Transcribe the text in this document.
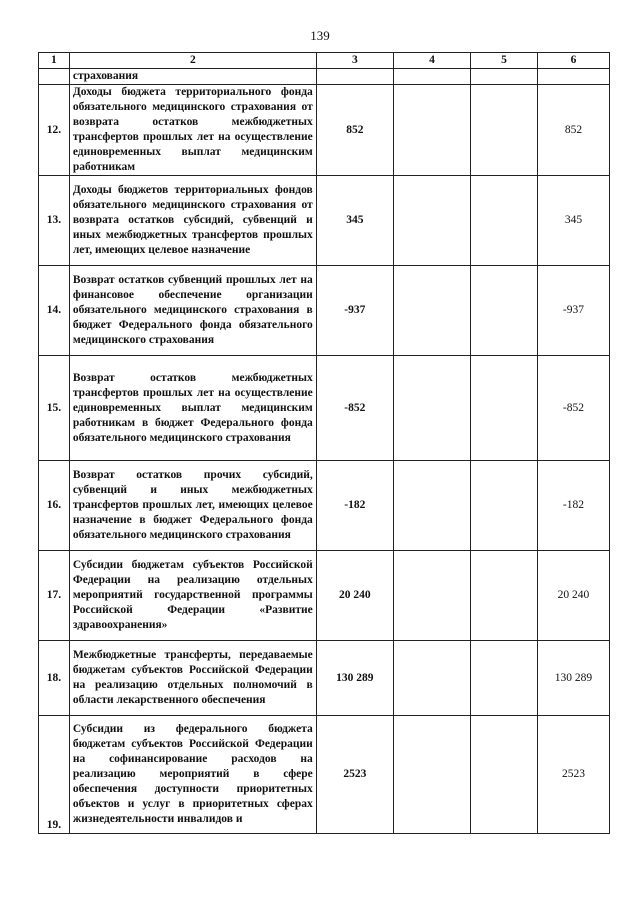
139
1	2	3	4	5	6
	страхования				
12.	Доходы бюджета территориального фонда обязательного медицинского страхования от возврата остатков межбюджетных трансфертов прошлых лет на осуществление единовременных выплат медицинским работникам	852			852
13.	Доходы бюджетов территориальных фондов обязательного медицинского страхования от возврата остатков субсидий, субвенций и иных межбюджетных трансфертов прошлых лет, имеющих целевое назначение	345			345
14.	Возврат остатков субвенций прошлых лет на финансовое обеспечение организации обязательного медицинского страхования в бюджет Федерального фонда обязательного медицинского страхования	-937			-937
15.	Возврат остатков межбюджетных трансфертов прошлых лет на осуществление единовременных выплат медицинским работникам в бюджет Федерального фонда обязательного медицинского страхования	-852			-852
16.	Возврат остатков прочих субсидий, субвенций и иных межбюджетных трансфертов прошлых лет, имеющих целевое назначение в бюджет Федерального фонда обязательного медицинского страхования	-182			-182
17.	Субсидии бюджетам субъектов Российской Федерации на реализацию отдельных мероприятий государственной программы Российской Федерации «Развитие здравоохранения»	20 240			20 240
18.	Межбюджетные трансферты, передаваемые бюджетам субъектов Российской Федерации на реализацию отдельных полномочий в области лекарственного обеспечения	130 289			130 289
19.	Субсидии из федерального бюджета бюджетам субъектов Российской Федерации на софинансирование расходов на реализацию мероприятий в сфере обеспечения доступности приоритетных объектов и услуг в приоритетных сферах жизнедеятельности инвалидов и	2523			2523
